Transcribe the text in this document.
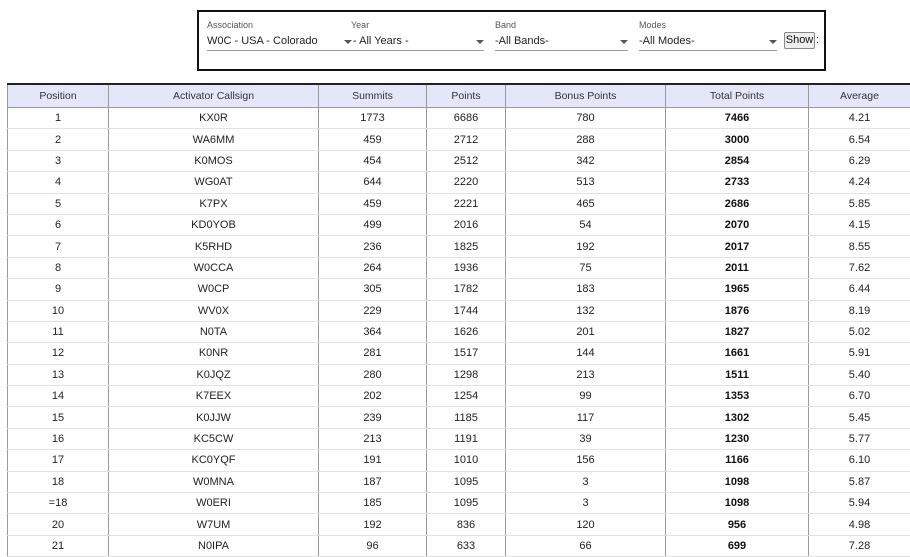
Association
W0C - USA - Colorado
Year
- All Years -
Band
-All Bands-
Modes
-All Modes-	Show :
Position	Activator Callsign	Summits	Points	Bonus Points	Total Points	Average
1	KX0R	1773	6686	780	7466	4.21
2	WA6MM	459	2712	288	3000	6.54
3	K0MOS	454	2512	342	2854	6.29
4	WG0AT	644	2220	513	2733	4.24
5	K7PX	459	2221	465	2686	5.85
6	KD0YOB	499	2016	54	2070	4.15
7	K5RHD	236	1825	192	2017	8.55
8	W0CCA	264	1936	75	2011	7.62
9	W0CP	305	1782	183	1965	6.44
10	WV0X	229	1744	132	1876	8.19
11	N0TA	364	1626	201	1827	5.02
12	K0NR	281	1517	144	1661	5.91
13	K0JQZ	280	1298	213	1511	5.40
14	K7EEX	202	1254	99	1353	6.70
15	K0JJW	239	1185	117	1302	5.45
16	KC5CW	213	1191	39	1230	5.77
17	KC0YQF	191	1010	156	1166	6.10
18	W0MNA	187	1095	3	1098	5.87
=18	W0ERI	185	1095	3	1098	5.94
20	W7UM	192	836	120	956	4.98
21	N0IPA	96	633	66	699	7.28
